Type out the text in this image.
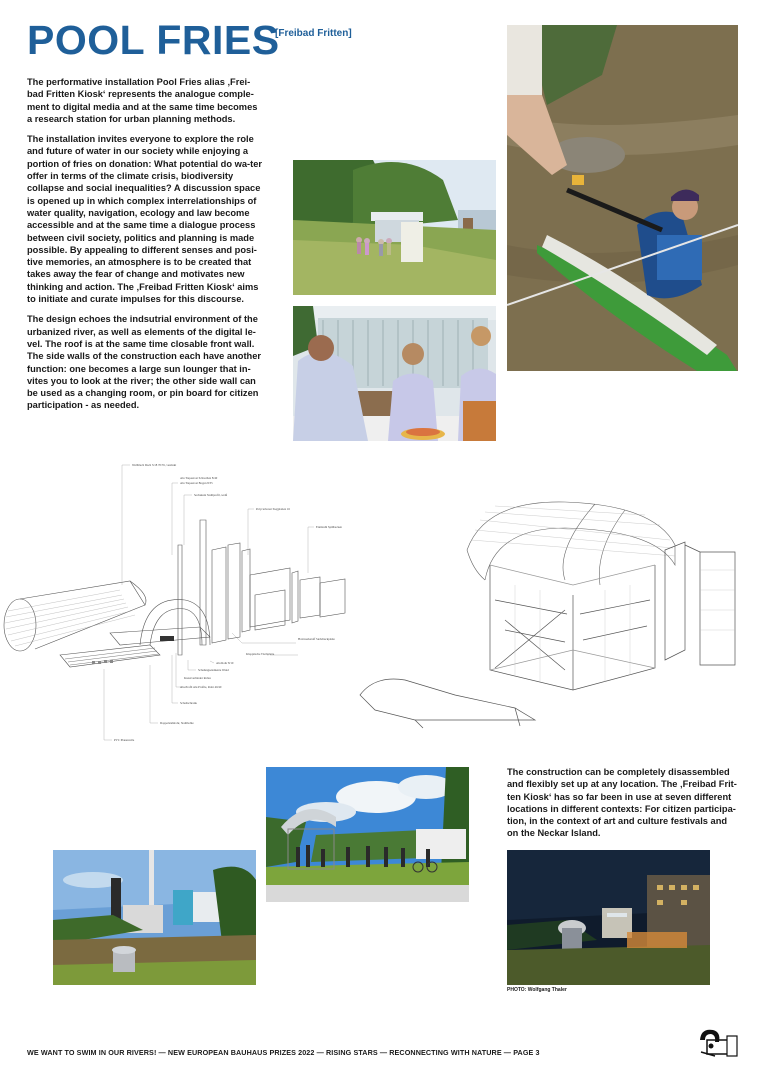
POOL FRIES
[Freibad Fritten]

The performative installation Pool Fries alias ‚Frei-bad Fritten Kiosk‘ represents the analogue comple-ment to digital media and at the same time becomes a research station for urban planning methods.

The installation invites everyone to explore the role and future of water in our society while enjoying a portion of fries on donation: What potential do wa-ter offer in terms of the climate crisis, biodiversity collapse and social inequalities? A discussion space is opened up in which complex interrelationships of water quality, navigation, ecology and law become accessible and at the same time a dialogue process between civil society, politics and planning is made possible. By appealing to different senses and posi-tive memories, an atmosphere is to be created that takes away the fear of change and motivates new thinking and action. The ‚Freibad Fritten Kiosk‘ aims to initiate and curate impulses for this discourse.

The design echoes the indsutrial environment of the urbanized river, as well as elements of the digital le-vel. The roof is at the same time closable front wall. The side walls of the construction each have another function: one becomes a large sun lounger that in-vites you to look at the river; the other side wall can be used as a changing room, or pin board for citizen participation - as needed.

Wellblech Dach 3/18 70/35, verzinkt
Alu Trapezrost Schwellen 8/40
Alu Trapezrost Bogen 8/35
Sechskant Stahlprofil, weiß
Polycarbonat Stegplatten 16
Edelstahl Spülbecken
Holzwerkstoff Siebdruckplatte
Klapptische Tischplatte
Alu Rohr 8/10
Schalungselemente Wand
Kreuzverbinder Rohre
Alu-Profil Alu Profile, Rohr 40/40
Schaltschrank
Doppelstahlrohr, Stahlbohle
PVC Planenrolle

The construction can be completely disassembled and flexibly set up at any location. The ‚Freibad Frit-ten Kiosk‘ has so far been in use at seven different locations in different contexts: For citizen participa-tion, in the context of art and culture festivals and on the Neckar Island.

PHOTO: Wolfgang Thaler
WE WANT TO SWIM IN OUR RIVERS! — NEW EUROPEAN BAUHAUS PRIZES 2022 — RISING STARS — RECONNECTING WITH NATURE — PAGE 3
